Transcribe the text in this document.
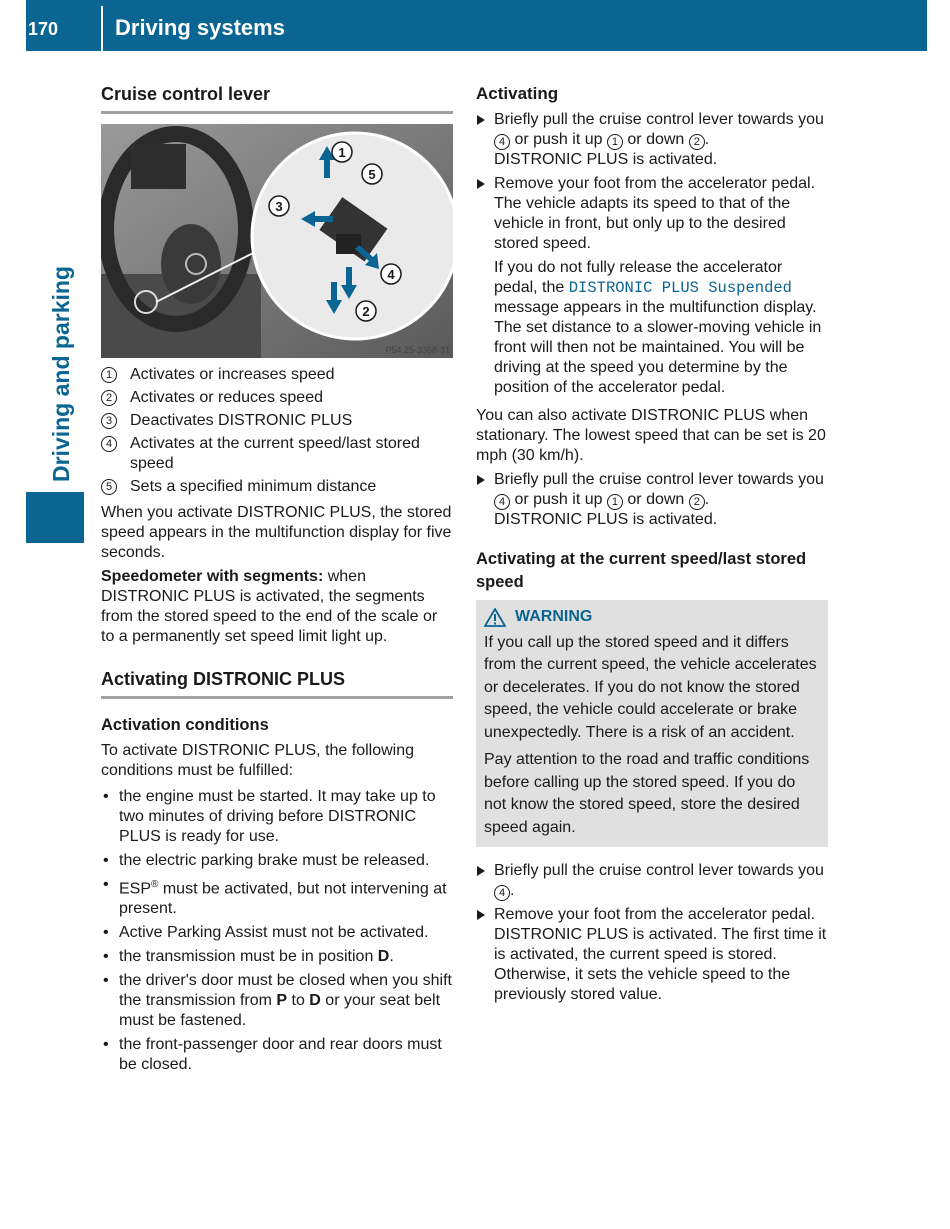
170	Driving systems
Driving and parking
Cruise control lever
1
2
3
4
5
P54.25-3368-31
1	Activates or increases speed
2	Activates or reduces speed
3	Deactivates DISTRONIC PLUS
4	Activates at the current speed/last stored speed
5	Sets a specified minimum distance

When you activate DISTRONIC PLUS, the stored speed appears in the multifunction display for five seconds.

Speedometer with segments: when DISTRONIC PLUS is activated, the segments from the stored speed to the end of the scale or to a permanently set speed limit light up.

Activating DISTRONIC PLUS
Activation conditions

To activate DISTRONIC PLUS, the following conditions must be fulfilled:

• the engine must be started. It may take up to two minutes of driving before DISTRONIC PLUS is ready for use.
• the electric parking brake must be released.
• ESP® must be activated, but not intervening at present.
• Active Parking Assist must not be activated.
• the transmission must be in position D.
• the driver's door must be closed when you shift the transmission from P to D or your seat belt must be fastened.
• the front-passenger door and rear doors must be closed.
Activating
Briefly pull the cruise control lever towards you 4 or push it up 1 or down 2 .
DISTRONIC PLUS is activated.
Remove your foot from the accelerator pedal. The vehicle adapts its speed to that of the vehicle in front, but only up to the desired stored speed.

If you do not fully release the accelerator pedal, the DISTRONIC PLUS Suspended message appears in the multifunction display. The set distance to a slower-moving vehicle in front will then not be maintained. You will be driving at the speed you determine by the position of the accelerator pedal.

You can also activate DISTRONIC PLUS when stationary. The lowest speed that can be set is 20 mph (30 km/h).

Briefly pull the cruise control lever towards you 4 or push it up 1 or down 2 .
DISTRONIC PLUS is activated.
Activating at the current speed/last stored speed
WARNING

If you call up the stored speed and it differs from the current speed, the vehicle accelerates or decelerates. If you do not know the stored speed, the vehicle could accelerate or brake unexpectedly. There is a risk of an accident.

Pay attention to the road and traffic conditions before calling up the stored speed. If you do not know the stored speed, store the desired speed again.

Briefly pull the cruise control lever towards you 4 .
Remove your foot from the accelerator pedal. DISTRONIC PLUS is activated. The first time it is activated, the current speed is stored. Otherwise, it sets the vehicle speed to the previously stored value.
